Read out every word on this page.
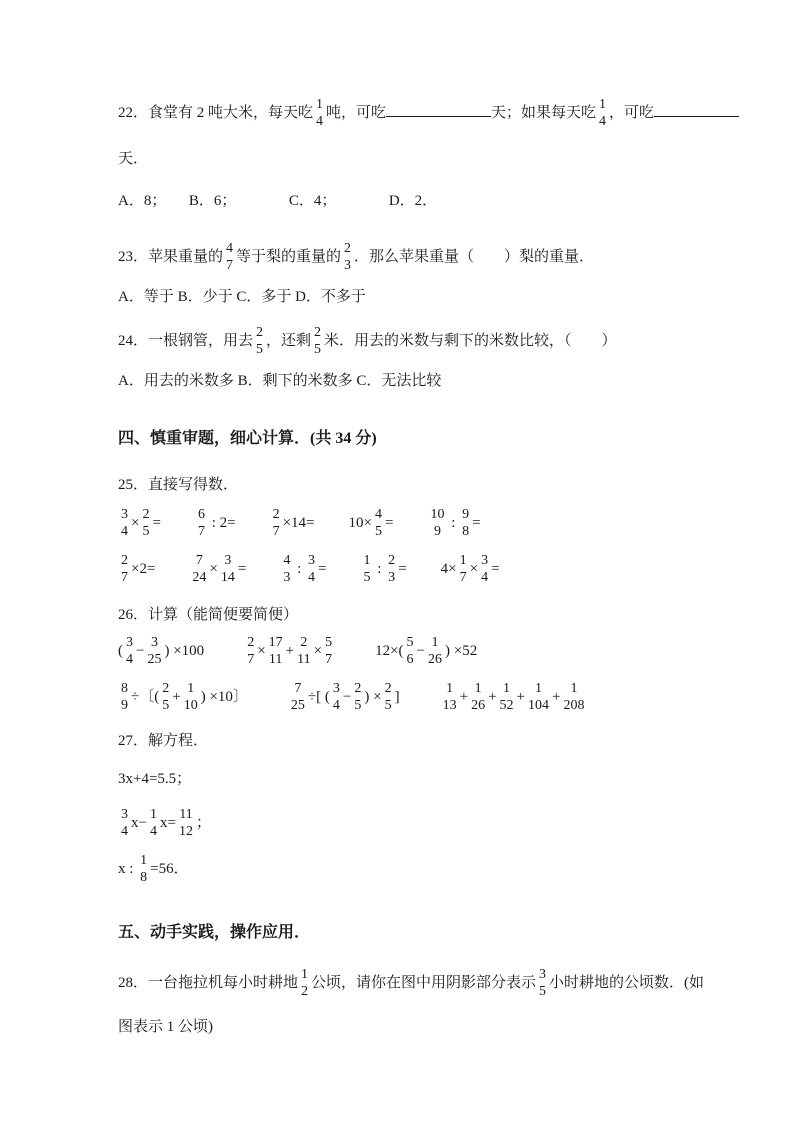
22．食堂有 2 吨大米，每天吃
1
4
吨，可吃	天；如果每天吃
1
4
，可吃
天．
A．8；　　B．6；　　　　C．4；　　　　D．2．
23．苹果重量的
4
7
等于梨的重量的
2
3
．那么苹果重量（　　）梨的重量．
A．等于 B．少于 C．多于 D．不多于
24．一根钢管，用去
2
5
，还剩
2
5
米．用去的米数与剩下的米数比较，（　　）
A．用去的米数多 B．剩下的米数多 C．无法比较
四、慎重审题，细心计算．(共 34 分)
25．直接写得数．
3
4
×
2
5
=
6
7
: 2=
2
7
×14= 10×
4
5
=
10
9
:
9
8
=
2
7
×2=
7
24
×
3
14
=
4
3
:
3
4
=
1
5
:
2
3
= 4×
1
7
×
3
4
=
26．计算（能简便要简便）
(
3
4
−
3
25
) ×100
2
7
×
17
11
+
2
11
×
5
7
12×(
5
6
−
1
26
) ×52
8
9
÷〔(
2
5
+
1
10
) ×10〕
7
25
÷[ (
3
4
−
2
5
) ×
2
5
]
1
13
+
1
26
+
1
52
+
1
104
+
1
208
27．解方程．
3x+4=5.5；
3
4
x−
1
4
x=
11
12
；
x :
1
8
=56．
五、动手实践，操作应用．
28．一台拖拉机每小时耕地
1
2
公顷，请你在图中用阴影部分表示
3
5
小时耕地的公顷数．(如
图表示 1 公顷)
